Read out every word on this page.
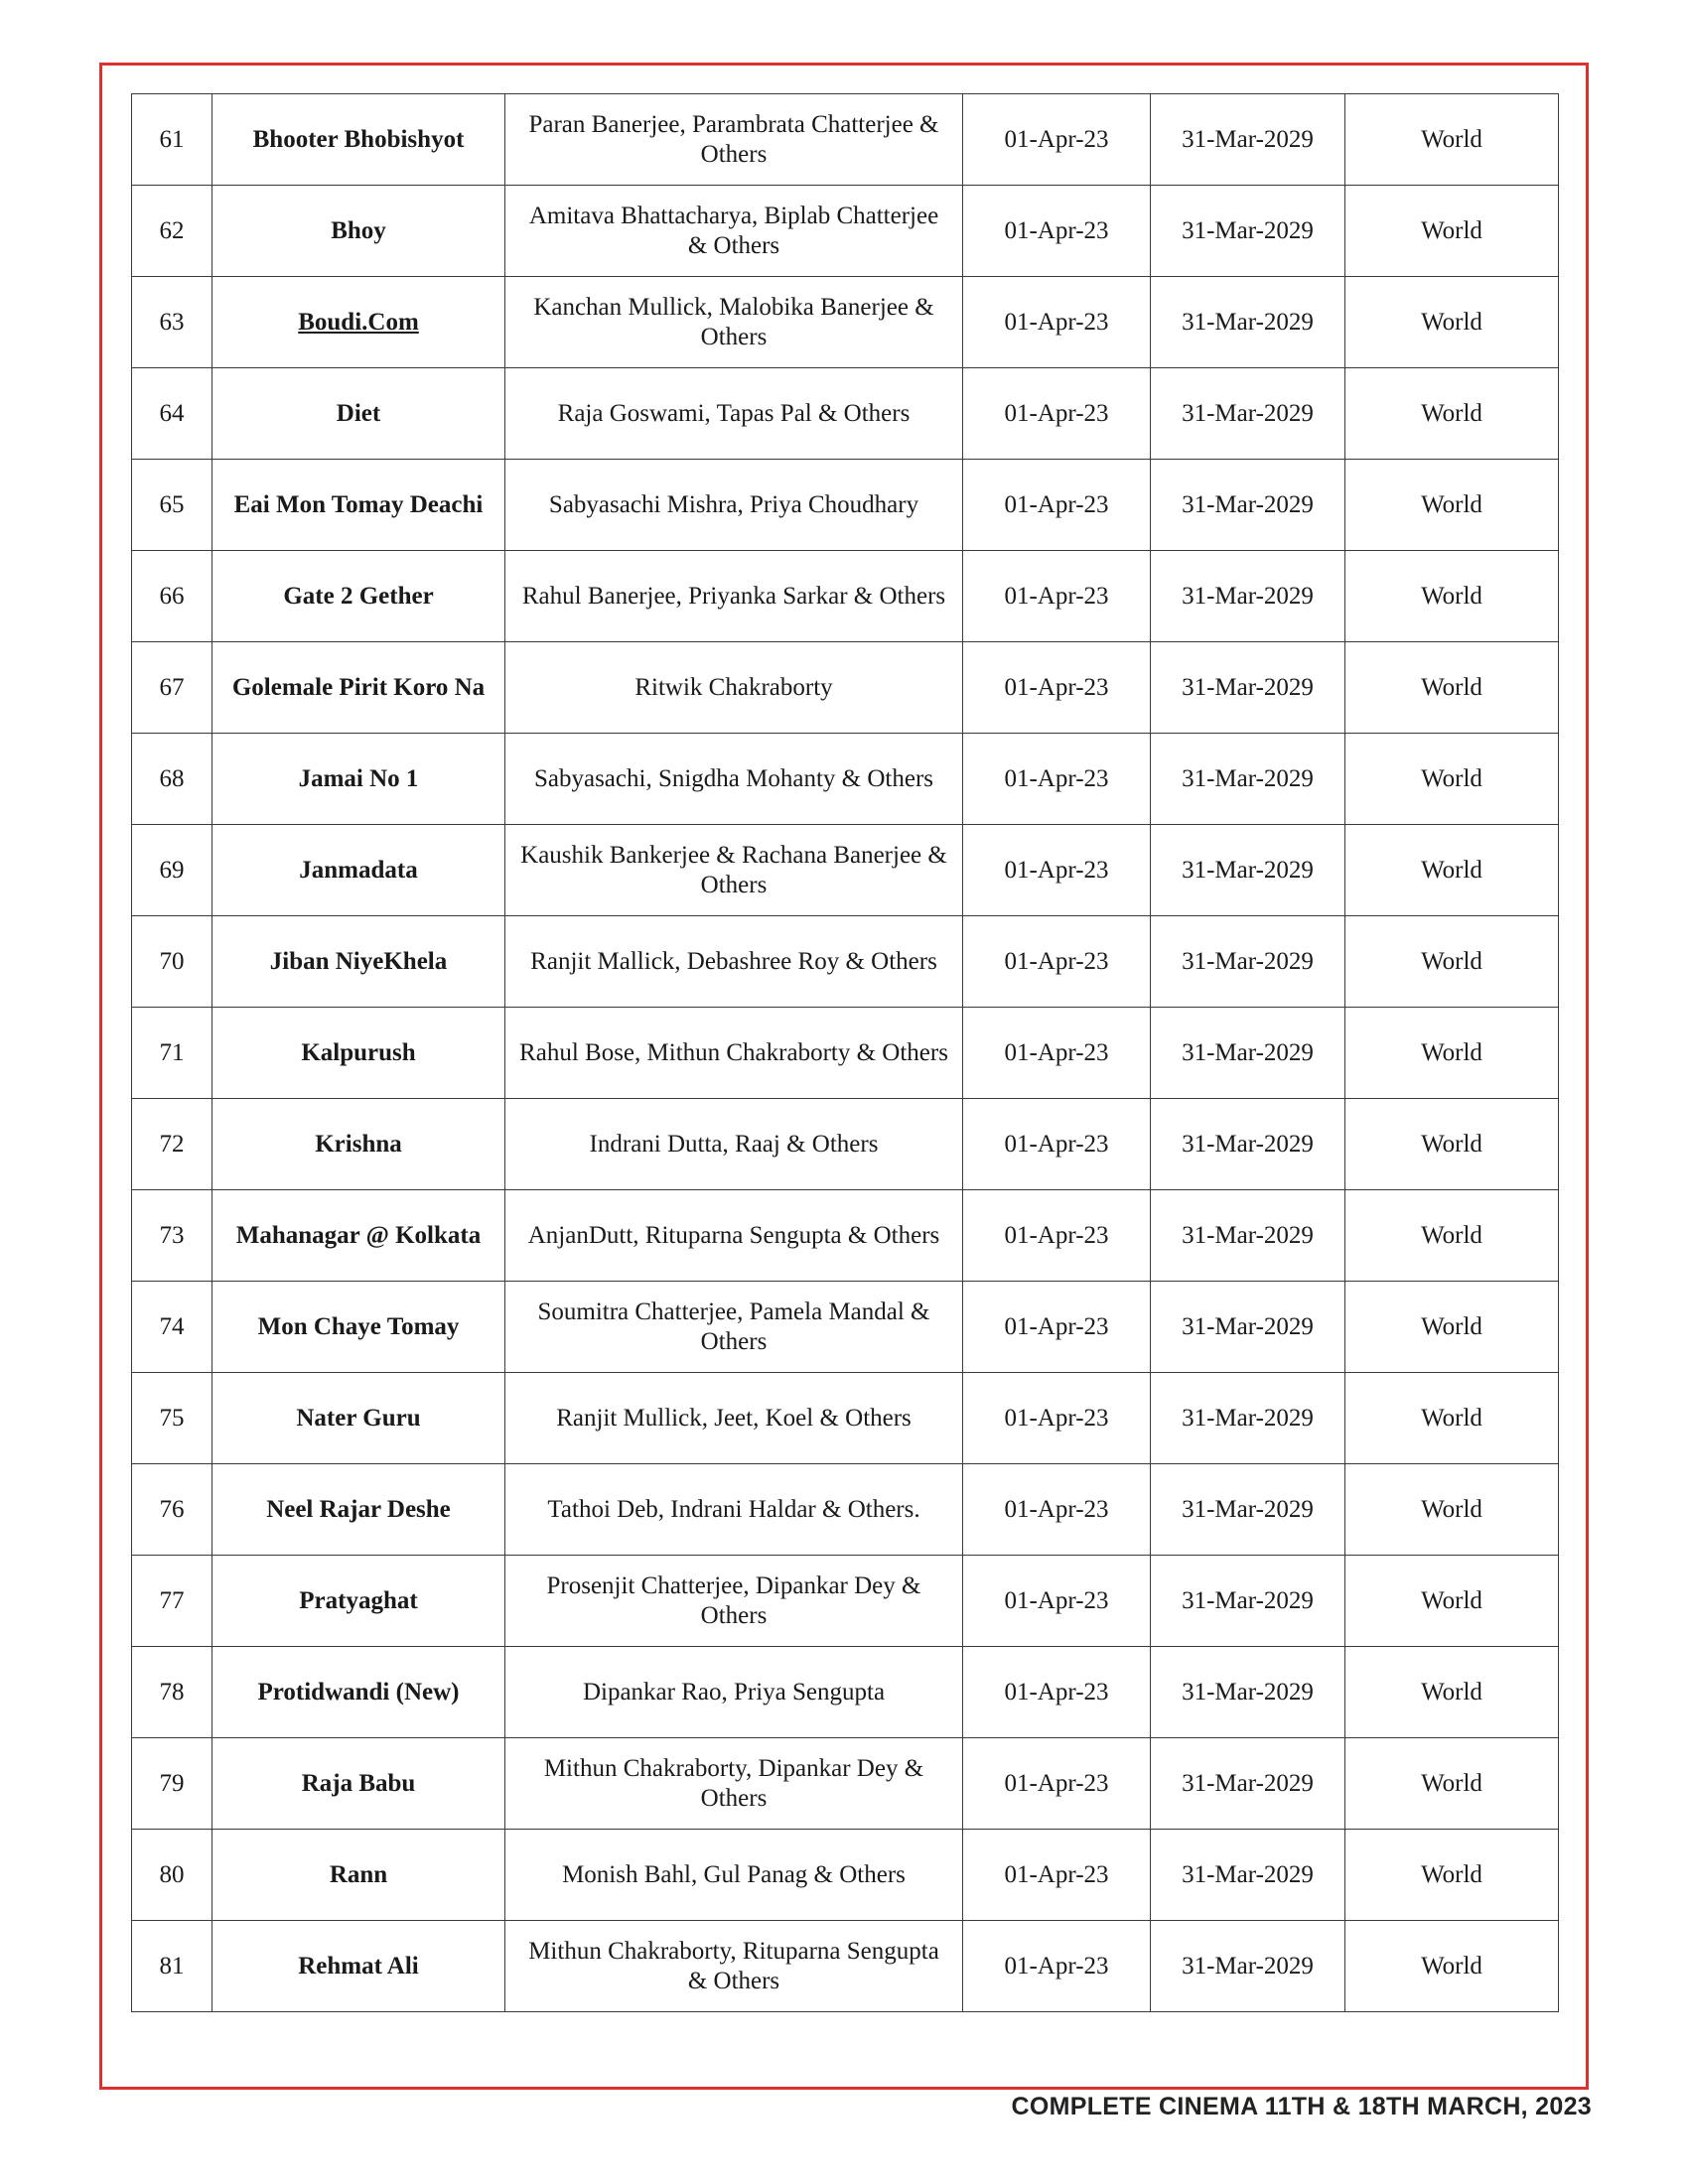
61	Bhooter Bhobishyot	Paran Banerjee, Parambrata Chatterjee & Others	01-Apr-23	31-Mar-2029	World
62	Bhoy	Amitava Bhattacharya, Biplab Chatterjee & Others	01-Apr-23	31-Mar-2029	World
63	Boudi.Com	Kanchan Mullick, Malobika Banerjee & Others	01-Apr-23	31-Mar-2029	World
64	Diet	Raja Goswami, Tapas Pal & Others	01-Apr-23	31-Mar-2029	World
65	Eai Mon Tomay Deachi	Sabyasachi Mishra, Priya Choudhary	01-Apr-23	31-Mar-2029	World
66	Gate 2 Gether	Rahul Banerjee, Priyanka Sarkar & Others	01-Apr-23	31-Mar-2029	World
67	Golemale Pirit Koro Na	Ritwik Chakraborty	01-Apr-23	31-Mar-2029	World
68	Jamai No 1	Sabyasachi, Snigdha Mohanty & Others	01-Apr-23	31-Mar-2029	World
69	Janmadata	Kaushik Bankerjee & Rachana Banerjee & Others	01-Apr-23	31-Mar-2029	World
70	Jiban NiyeKhela	Ranjit Mallick, Debashree Roy & Others	01-Apr-23	31-Mar-2029	World
71	Kalpurush	Rahul Bose, Mithun Chakraborty & Others	01-Apr-23	31-Mar-2029	World
72	Krishna	Indrani Dutta, Raaj & Others	01-Apr-23	31-Mar-2029	World
73	Mahanagar @ Kolkata	AnjanDutt, Rituparna Sengupta & Others	01-Apr-23	31-Mar-2029	World
74	Mon Chaye Tomay	Soumitra Chatterjee, Pamela Mandal & Others	01-Apr-23	31-Mar-2029	World
75	Nater Guru	Ranjit Mullick, Jeet, Koel & Others	01-Apr-23	31-Mar-2029	World
76	Neel Rajar Deshe	Tathoi Deb, Indrani Haldar & Others.	01-Apr-23	31-Mar-2029	World
77	Pratyaghat	Prosenjit Chatterjee, Dipankar Dey & Others	01-Apr-23	31-Mar-2029	World
78	Protidwandi (New)	Dipankar Rao, Priya Sengupta	01-Apr-23	31-Mar-2029	World
79	Raja Babu	Mithun Chakraborty, Dipankar Dey & Others	01-Apr-23	31-Mar-2029	World
80	Rann	Monish Bahl, Gul Panag & Others	01-Apr-23	31-Mar-2029	World
81	Rehmat Ali	Mithun Chakraborty, Rituparna Sengupta & Others	01-Apr-23	31-Mar-2029	World
COMPLETE CINEMA 11TH & 18TH MARCH, 2023
